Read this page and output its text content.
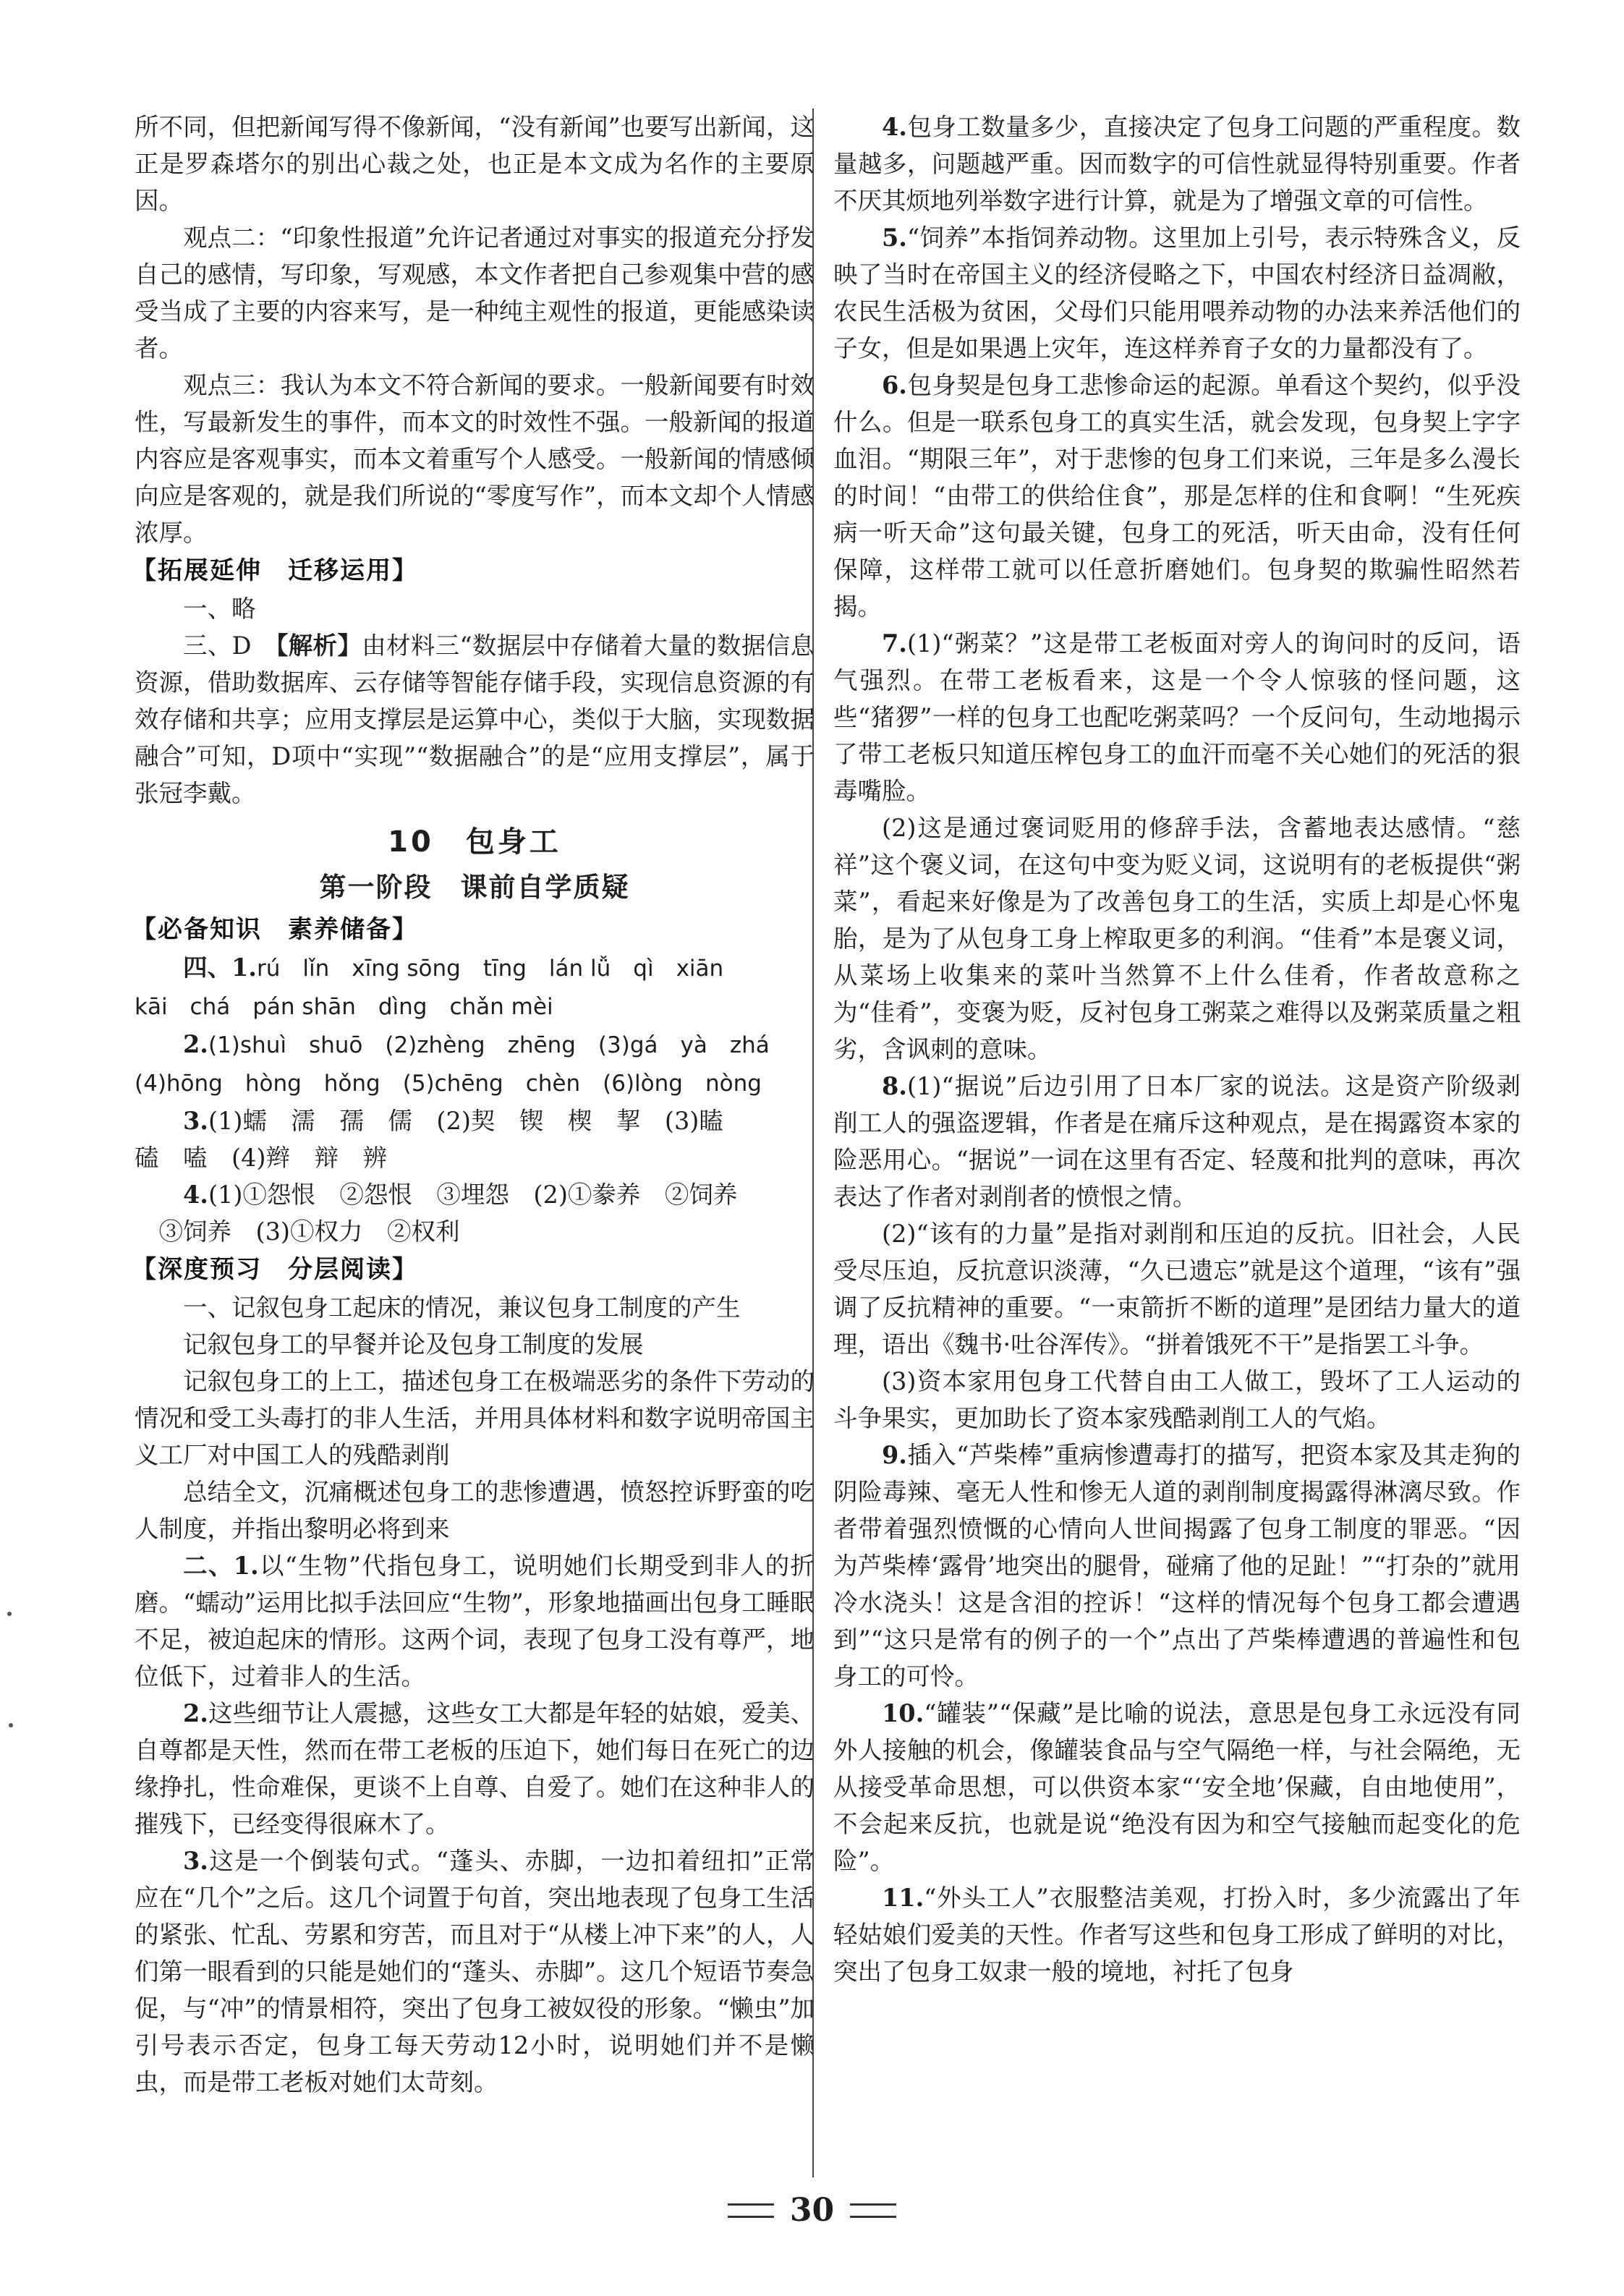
所不同，但把新闻写得不像新闻，“没有新闻”也要写出新闻，这正是罗森塔尔的别出心裁之处，也正是本文成为名作的主要原因。

观点二：“印象性报道”允许记者通过对事实的报道充分抒发自己的感情，写印象，写观感，本文作者把自己参观集中营的感受当成了主要的内容来写，是一种纯主观性的报道，更能感染读者。

观点三：我认为本文不符合新闻的要求。一般新闻要有时效性，写最新发生的事件，而本文的时效性不强。一般新闻的报道内容应是客观事实，而本文着重写个人感受。一般新闻的情感倾向应是客观的，就是我们所说的“零度写作”，而本文却个人情感浓厚。

【拓展延伸　迁移运用】

一、略

三、D　【解析】由材料三“数据层中存储着大量的数据信息资源，借助数据库、云存储等智能存储手段，实现信息资源的有效存储和共享；应用支撑层是运算中心，类似于大脑，实现数据融合”可知，D项中“实现”“数据融合”的是“应用支撑层”，属于张冠李戴。

10　包身工
第一阶段　课前自学质疑
【必备知识　素养储备】

四、1.rú　lǐn　xīng sōng　tīng　lán lǚ　qì　xiān

kāi　chá　pán shān　dìng　chǎn mèi

2.(1)shuì　shuō　(2)zhèng　zhēng　(3)gá　yà　zhá

(4)hōng　hòng　hǒng　(5)chēng　chèn　(6)lòng　nòng

3.(1)蠕　濡　孺　儒　(2)契　锲　楔　挈　(3)瞌

磕　嗑　(4)辫　辩　辨

4.(1)①怨恨　②怨恨　③埋怨　(2)①豢养　②饲养

③饲养　(3)①权力　②权利

【深度预习　分层阅读】

一、记叙包身工起床的情况，兼议包身工制度的产生

记叙包身工的早餐并论及包身工制度的发展

记叙包身工的上工，描述包身工在极端恶劣的条件下劳动的情况和受工头毒打的非人生活，并用具体材料和数字说明帝国主义工厂对中国工人的残酷剥削

总结全文，沉痛概述包身工的悲惨遭遇，愤怒控诉野蛮的吃人制度，并指出黎明必将到来

二、1.以“生物”代指包身工，说明她们长期受到非人的折磨。“蠕动”运用比拟手法回应“生物”，形象地描画出包身工睡眠不足，被迫起床的情形。这两个词，表现了包身工没有尊严，地位低下，过着非人的生活。

2.这些细节让人震撼，这些女工大都是年轻的姑娘，爱美、自尊都是天性，然而在带工老板的压迫下，她们每日在死亡的边缘挣扎，性命难保，更谈不上自尊、自爱了。她们在这种非人的摧残下，已经变得很麻木了。

3.这是一个倒装句式。“蓬头、赤脚，一边扣着纽扣”正常应在“几个”之后。这几个词置于句首，突出地表现了包身工生活的紧张、忙乱、劳累和穷苦，而且对于“从楼上冲下来”的人，人们第一眼看到的只能是她们的“蓬头、赤脚”。这几个短语节奏急促，与“冲”的情景相符，突出了包身工被奴役的形象。“懒虫”加引号表示否定，包身工每天劳动12小时，说明她们并不是懒虫，而是带工老板对她们太苛刻。

4.包身工数量多少，直接决定了包身工问题的严重程度。数量越多，问题越严重。因而数字的可信性就显得特别重要。作者不厌其烦地列举数字进行计算，就是为了增强文章的可信性。

5.“饲养”本指饲养动物。这里加上引号，表示特殊含义，反映了当时在帝国主义的经济侵略之下，中国农村经济日益凋敝，农民生活极为贫困，父母们只能用喂养动物的办法来养活他们的子女，但是如果遇上灾年，连这样养育子女的力量都没有了。

6.包身契是包身工悲惨命运的起源。单看这个契约，似乎没什么。但是一联系包身工的真实生活，就会发现，包身契上字字血泪。“期限三年”，对于悲惨的包身工们来说，三年是多么漫长的时间！“由带工的供给住食”，那是怎样的住和食啊！“生死疾病一听天命”这句最关键，包身工的死活，听天由命，没有任何保障，这样带工就可以任意折磨她们。包身契的欺骗性昭然若揭。

7.(1)“粥菜？”这是带工老板面对旁人的询问时的反问，语气强烈。在带工老板看来，这是一个令人惊骇的怪问题，这些“猪猡”一样的包身工也配吃粥菜吗？一个反问句，生动地揭示了带工老板只知道压榨包身工的血汗而毫不关心她们的死活的狠毒嘴脸。

(2)这是通过褒词贬用的修辞手法，含蓄地表达感情。“慈祥”这个褒义词，在这句中变为贬义词，这说明有的老板提供“粥菜”，看起来好像是为了改善包身工的生活，实质上却是心怀鬼胎，是为了从包身工身上榨取更多的利润。“佳肴”本是褒义词，从菜场上收集来的菜叶当然算不上什么佳肴，作者故意称之为“佳肴”，变褒为贬，反衬包身工粥菜之难得以及粥菜质量之粗劣，含讽刺的意味。

8.(1)“据说”后边引用了日本厂家的说法。这是资产阶级剥削工人的强盗逻辑，作者是在痛斥这种观点，是在揭露资本家的险恶用心。“据说”一词在这里有否定、轻蔑和批判的意味，再次表达了作者对剥削者的愤恨之情。

(2)“该有的力量”是指对剥削和压迫的反抗。旧社会，人民受尽压迫，反抗意识淡薄，“久已遗忘”就是这个道理，“该有”强调了反抗精神的重要。“一束箭折不断的道理”是团结力量大的道理，语出《魏书·吐谷浑传》。“拼着饿死不干”是指罢工斗争。

(3)资本家用包身工代替自由工人做工，毁坏了工人运动的斗争果实，更加助长了资本家残酷剥削工人的气焰。

9.插入“芦柴棒”重病惨遭毒打的描写，把资本家及其走狗的阴险毒辣、毫无人性和惨无人道的剥削制度揭露得淋漓尽致。作者带着强烈愤慨的心情向人世间揭露了包身工制度的罪恶。“因为芦柴棒‘露骨’地突出的腿骨，碰痛了他的足趾！”“打杂的”就用冷水浇头！这是含泪的控诉！“这样的情况每个包身工都会遭遇到”“这只是常有的例子的一个”点出了芦柴棒遭遇的普遍性和包身工的可怜。

10.“罐装”“保藏”是比喻的说法，意思是包身工永远没有同外人接触的机会，像罐装食品与空气隔绝一样，与社会隔绝，无从接受革命思想，可以供资本家“‘安全地’保藏，自由地使用”，不会起来反抗，也就是说“绝没有因为和空气接触而起变化的危险”。

11.“外头工人”衣服整洁美观，打扮入时，多少流露出了年轻姑娘们爱美的天性。作者写这些和包身工形成了鲜明的对比，突出了包身工奴隶一般的境地，衬托了包身

30
